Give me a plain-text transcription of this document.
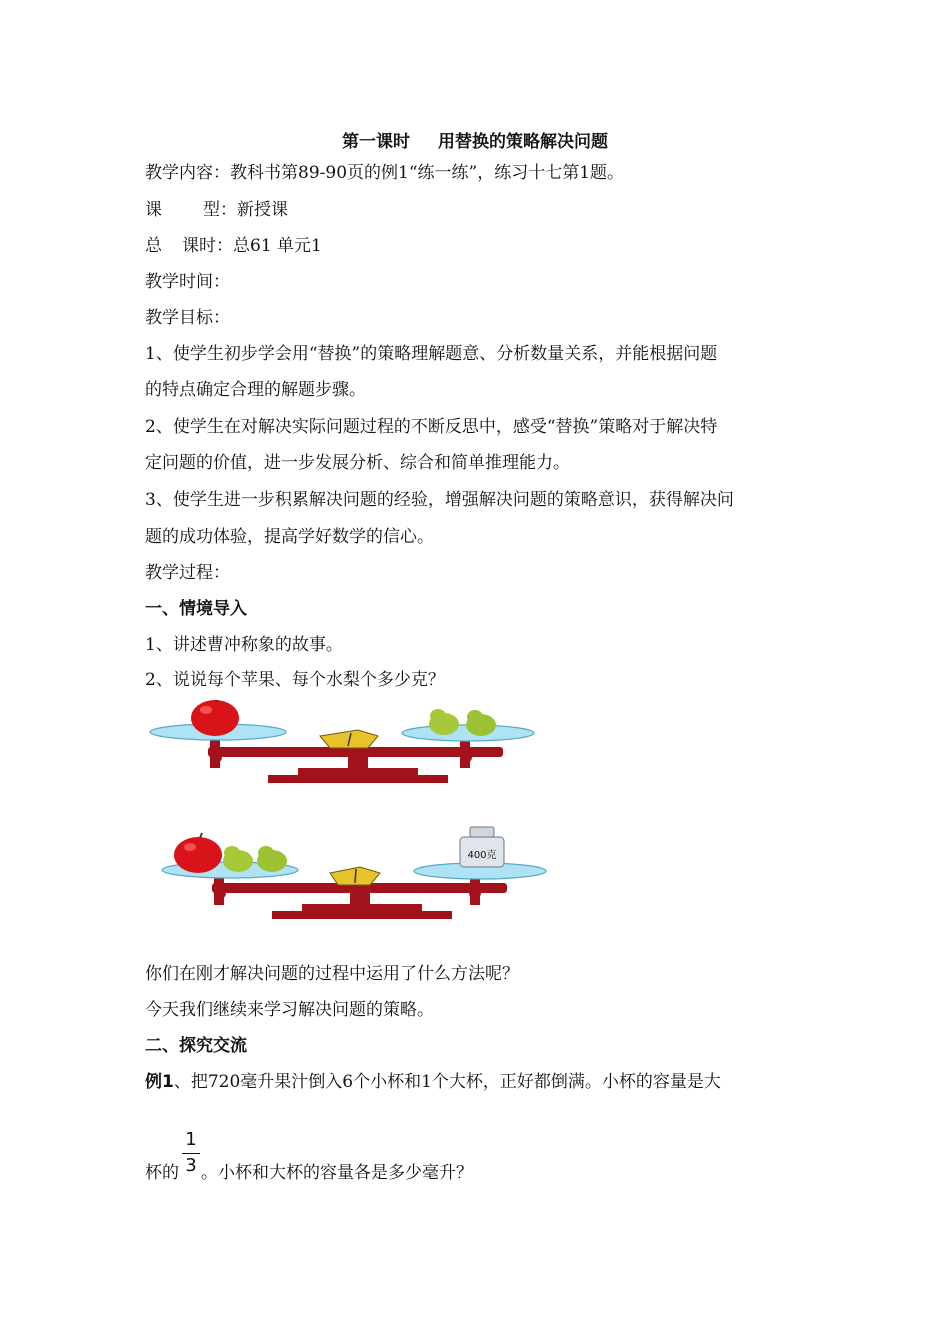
第一课时 用替换的策略解决问题
教学内容：教科书第89-90页的例1“练一练”，练习十七第1题。
课 型：新授课
总 课时：总61 单元1
教学时间：
教学目标：
1、使学生初步学会用“替换”的策略理解题意、分析数量关系，并能根据问题
的特点确定合理的解题步骤。
2、使学生在对解决实际问题过程的不断反思中，感受“替换”策略对于解决特
定问题的价值，进一步发展分析、综合和简单推理能力。
3、使学生进一步积累解决问题的经验，增强解决问题的策略意识，获得解决问
题的成功体验，提高学好数学的信心。
教学过程：
一、情境导入
1、讲述曹冲称象的故事。
2、说说每个苹果、每个水梨个多少克？
400克
你们在刚才解决问题的过程中运用了什么方法呢？
今天我们继续来学习解决问题的策略。
二、探究交流
例1、把720毫升果汁倒入6个小杯和1个大杯，正好都倒满。小杯的容量是大
1
3
杯的 。小杯和大杯的容量各是多少毫升？
